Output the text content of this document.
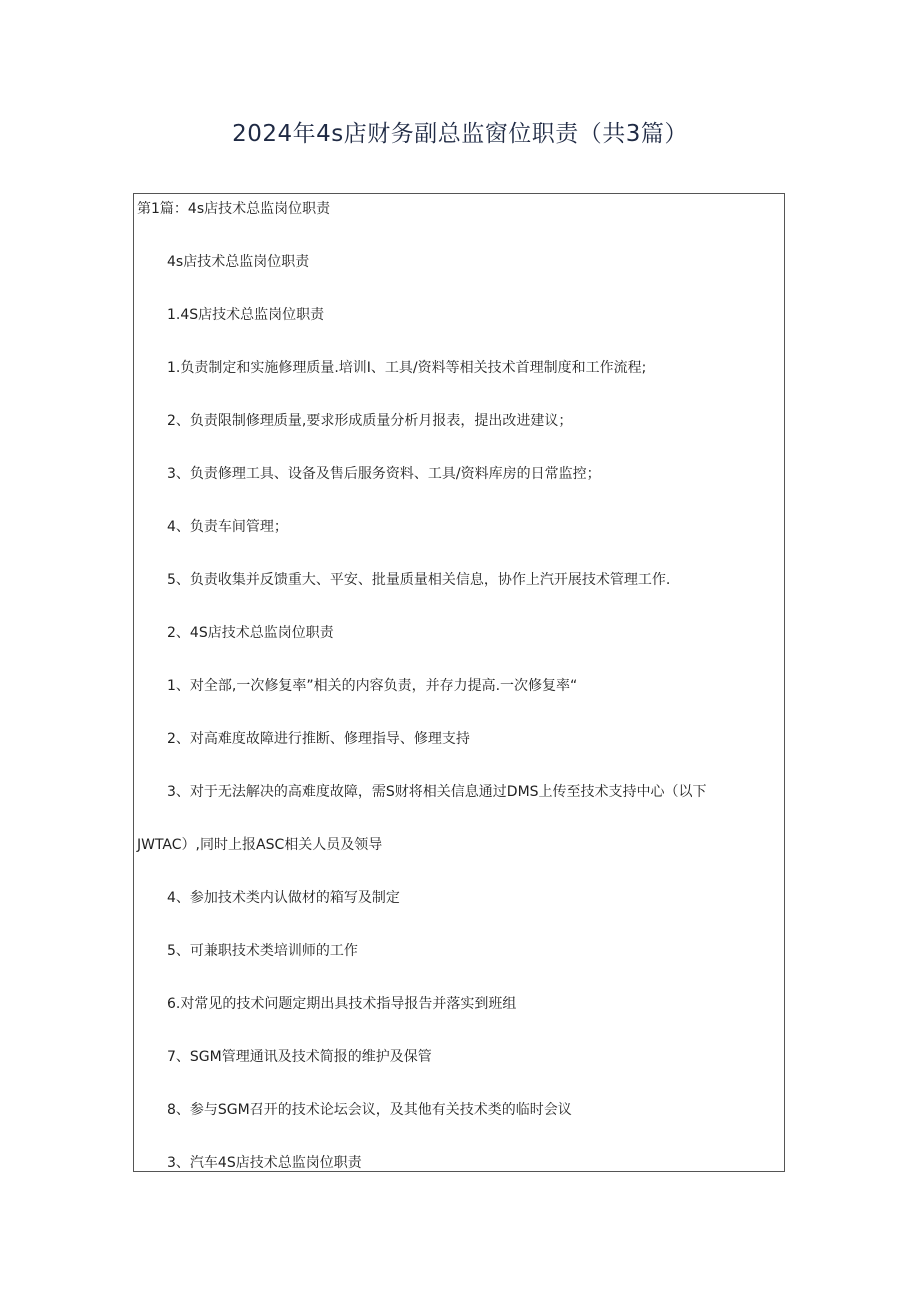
2024年4s店财务副总监窗位职责（共3篇）
第1篇：4s店技术总监岗位职责
4s店技术总监岗位职责
1.4S店技术总监岗位职责
1.负责制定和实施修理质量.培训I、工具/资料等相关技术首理制度和工作流程;
2、负责限制修理质量,要求形成质量分析月报表，提出改进建议；
3、负责修理工具、设备及售后服务资料、工具/资料库房的日常监控；
4、负责车间管理；
5、负责收集并反馈重大、平安、批量质量相关信息，协作上汽开展技术管理工作.
2、4S店技术总监岗位职责
1、对全部,一次修复率”相关的内容负责，并存力提高.一次修复率“
2、对高难度故障进行推断、修理指导、修理支持
3、对于无法解决的高难度故障，需S财将相关信息通过DMS上传至技术支持中心（以下
JWTAC）,同时上报ASC相关人员及领导
4、参加技术类内认做材的箱写及制定
5、可兼职技术类培训师的工作
6.对常见的技术问题定期出具技术指导报告并落实到班组
7、SGM管理通讯及技术简报的维护及保管
8、参与SGM召开的技术论坛会议，及其他有关技术类的临时会议
3、汽车4S店技术总监岗位职责
